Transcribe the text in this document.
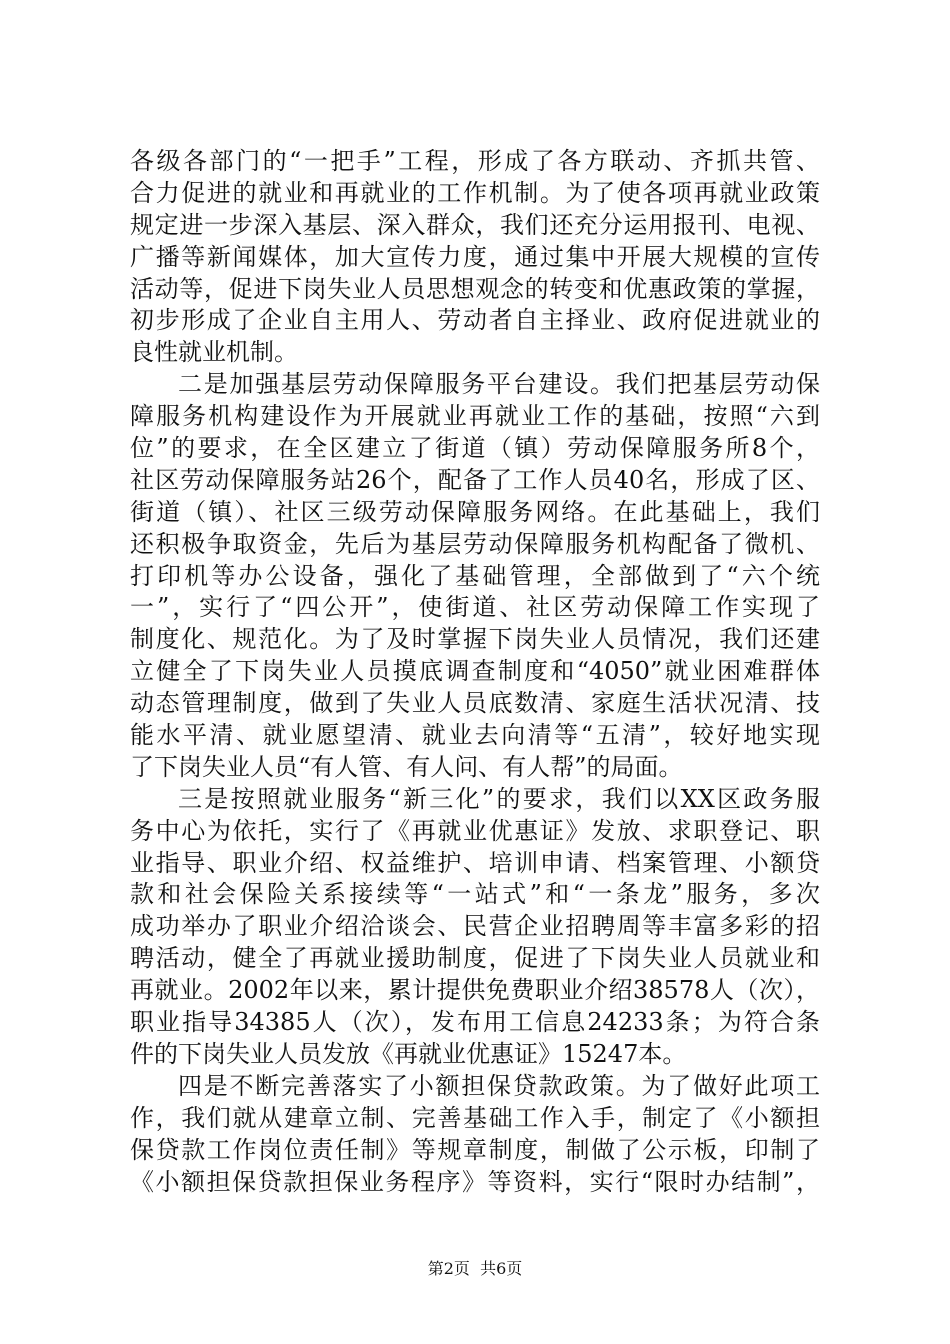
各级各部门的“一把手”工程，形成了各方联动、齐抓共管、
合力促进的就业和再就业的工作机制。为了使各项再就业政策
规定进一步深入基层、深入群众，我们还充分运用报刊、电视、
广播等新闻媒体，加大宣传力度，通过集中开展大规模的宣传
活动等，促进下岗失业人员思想观念的转变和优惠政策的掌握，
初步形成了企业自主用人、劳动者自主择业、政府促进就业的
良性就业机制。
二是加强基层劳动保障服务平台建设。我们把基层劳动保
障服务机构建设作为开展就业再就业工作的基础，按照“六到
位”的要求，在全区建立了街道（镇）劳动保障服务所8个，
社区劳动保障服务站26个，配备了工作人员40名，形成了区、
街道（镇）、社区三级劳动保障服务网络。在此基础上，我们
还积极争取资金，先后为基层劳动保障服务机构配备了微机、
打印机等办公设备，强化了基础管理，全部做到了“六个统
一”，实行了“四公开”，使街道、社区劳动保障工作实现了
制度化、规范化。为了及时掌握下岗失业人员情况，我们还建
立健全了下岗失业人员摸底调查制度和“4050”就业困难群体
动态管理制度，做到了失业人员底数清、家庭生活状况清、技
能水平清、就业愿望清、就业去向清等“五清”，较好地实现
了下岗失业人员“有人管、有人问、有人帮”的局面。
三是按照就业服务“新三化”的要求，我们以XX区政务服
务中心为依托，实行了《再就业优惠证》发放、求职登记、职
业指导、职业介绍、权益维护、培训申请、档案管理、小额贷
款和社会保险关系接续等“一站式”和“一条龙”服务，多次
成功举办了职业介绍洽谈会、民营企业招聘周等丰富多彩的招
聘活动，健全了再就业援助制度，促进了下岗失业人员就业和
再就业。2002年以来，累计提供免费职业介绍38578人（次），
职业指导34385人（次），发布用工信息24233条；为符合条
件的下岗失业人员发放《再就业优惠证》15247本。
四是不断完善落实了小额担保贷款政策。为了做好此项工
作，我们就从建章立制、完善基础工作入手，制定了《小额担
保贷款工作岗位责任制》等规章制度，制做了公示板，印制了
《小额担保贷款担保业务程序》等资料，实行“限时办结制”，
第2页  共6页
